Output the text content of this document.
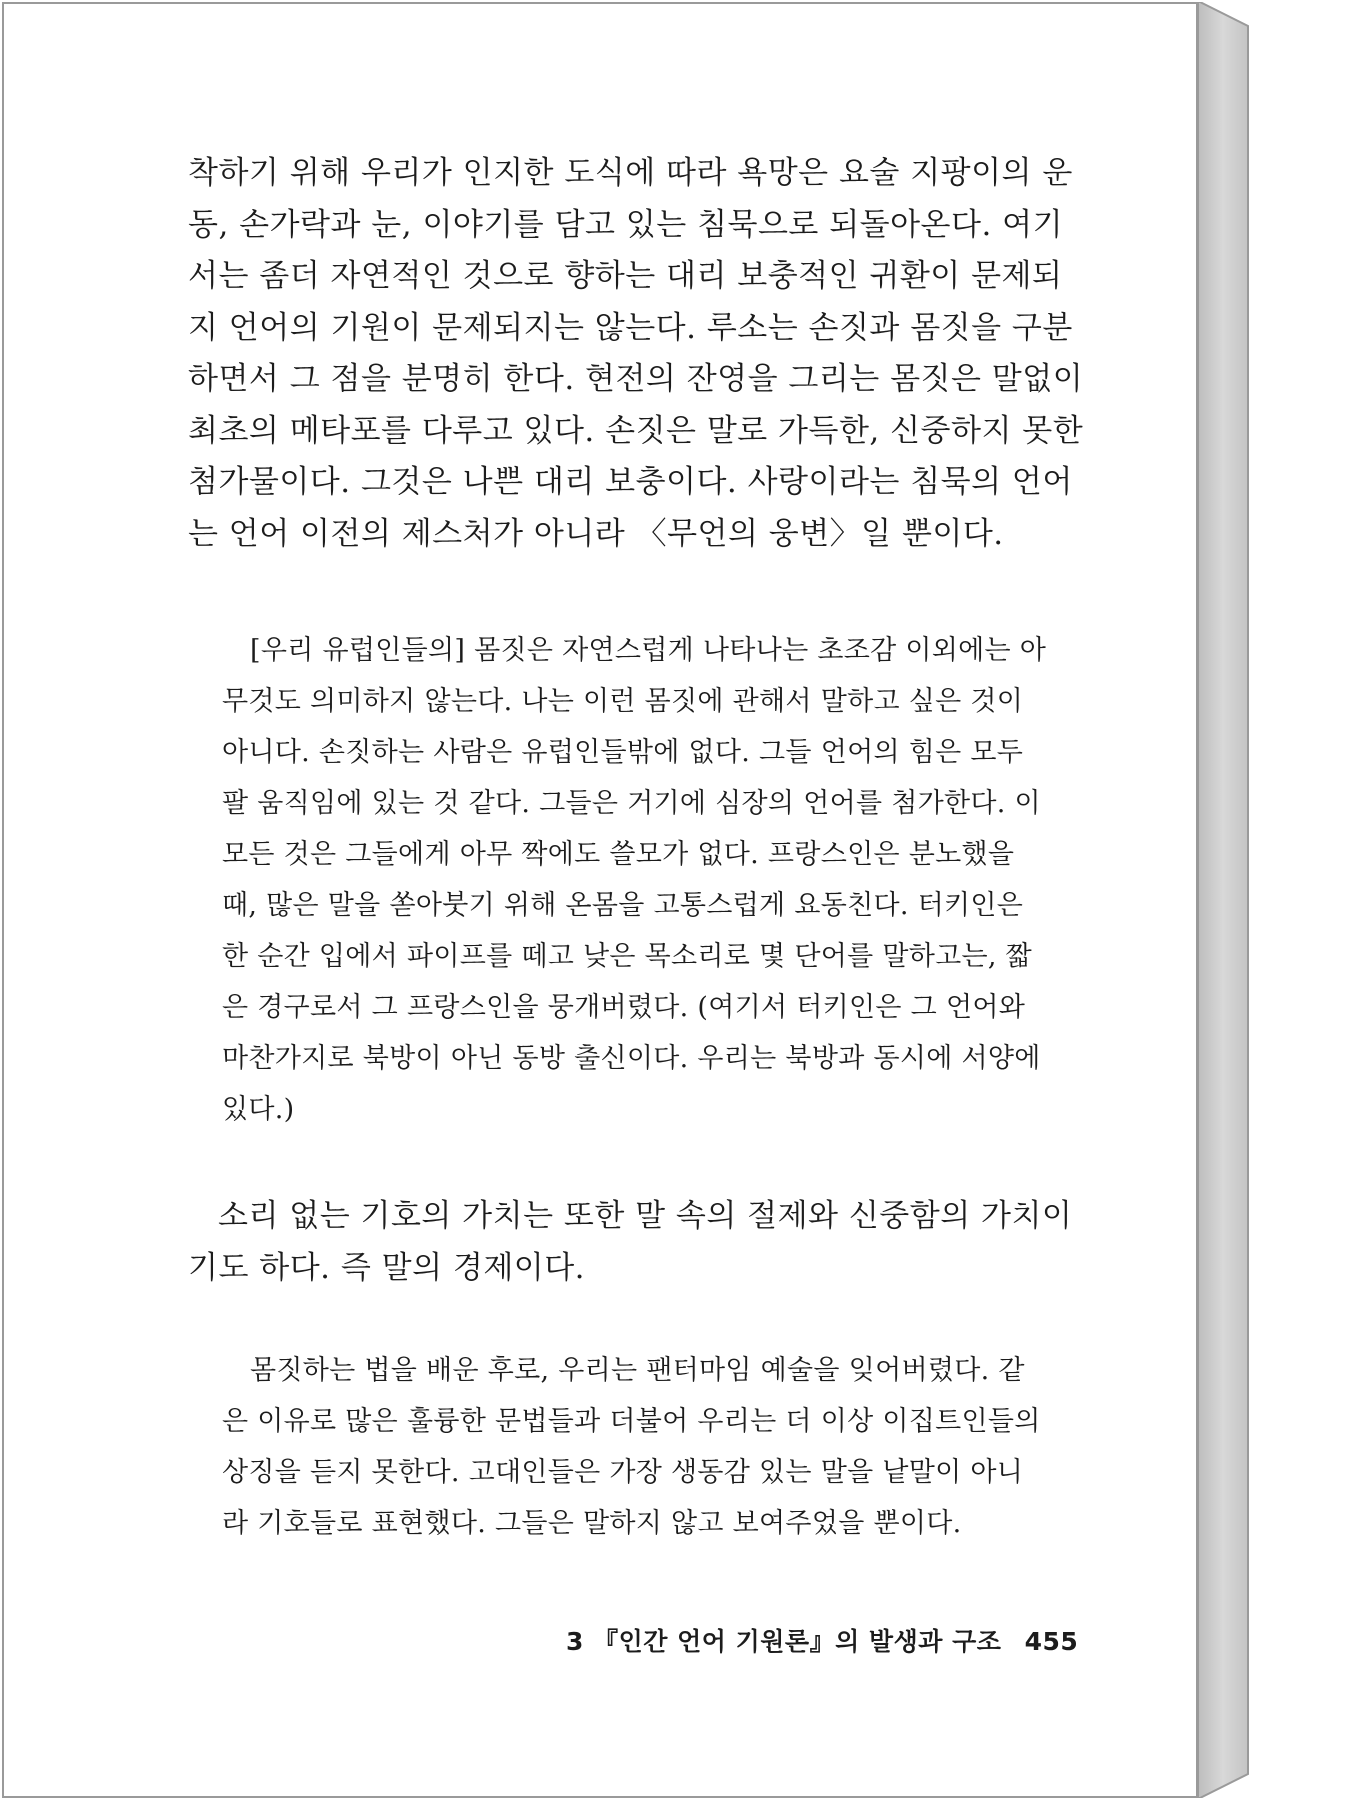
착하기 위해 우리가 인지한 도식에 따라 욕망은 요술 지팡이의 운
동, 손가락과 눈, 이야기를 담고 있는 침묵으로 되돌아온다. 여기
서는 좀더 자연적인 것으로 향하는 대리 보충적인 귀환이 문제되
지 언어의 기원이 문제되지는 않는다. 루소는 손짓과 몸짓을 구분
하면서 그 점을 분명히 한다. 현전의 잔영을 그리는 몸짓은 말없이
최초의 메타포를 다루고 있다. 손짓은 말로 가득한, 신중하지 못한
첨가물이다. 그것은 나쁜 대리 보충이다. 사랑이라는 침묵의 언어
는 언어 이전의 제스처가 아니라 〈무언의 웅변〉일 뿐이다.
[우리 유럽인들의] 몸짓은 자연스럽게 나타나는 초조감 이외에는 아
무것도 의미하지 않는다. 나는 이런 몸짓에 관해서 말하고 싶은 것이
아니다. 손짓하는 사람은 유럽인들밖에 없다. 그들 언어의 힘은 모두
팔 움직임에 있는 것 같다. 그들은 거기에 심장의 언어를 첨가한다. 이
모든 것은 그들에게 아무 짝에도 쓸모가 없다. 프랑스인은 분노했을
때, 많은 말을 쏟아붓기 위해 온몸을 고통스럽게 요동친다. 터키인은
한 순간 입에서 파이프를 떼고 낮은 목소리로 몇 단어를 말하고는, 짧
은 경구로서 그 프랑스인을 뭉개버렸다. (여기서 터키인은 그 언어와
마찬가지로 북방이 아닌 동방 출신이다. 우리는 북방과 동시에 서양에
있다.)
소리 없는 기호의 가치는 또한 말 속의 절제와 신중함의 가치이
기도 하다. 즉 말의 경제이다.
몸짓하는 법을 배운 후로, 우리는 팬터마임 예술을 잊어버렸다. 같
은 이유로 많은 훌륭한 문법들과 더불어 우리는 더 이상 이집트인들의
상징을 듣지 못한다. 고대인들은 가장 생동감 있는 말을 낱말이 아니
라 기호들로 표현했다. 그들은 말하지 않고 보여주었을 뿐이다.
3 『인간 언어 기원론』의 발생과 구조 455
